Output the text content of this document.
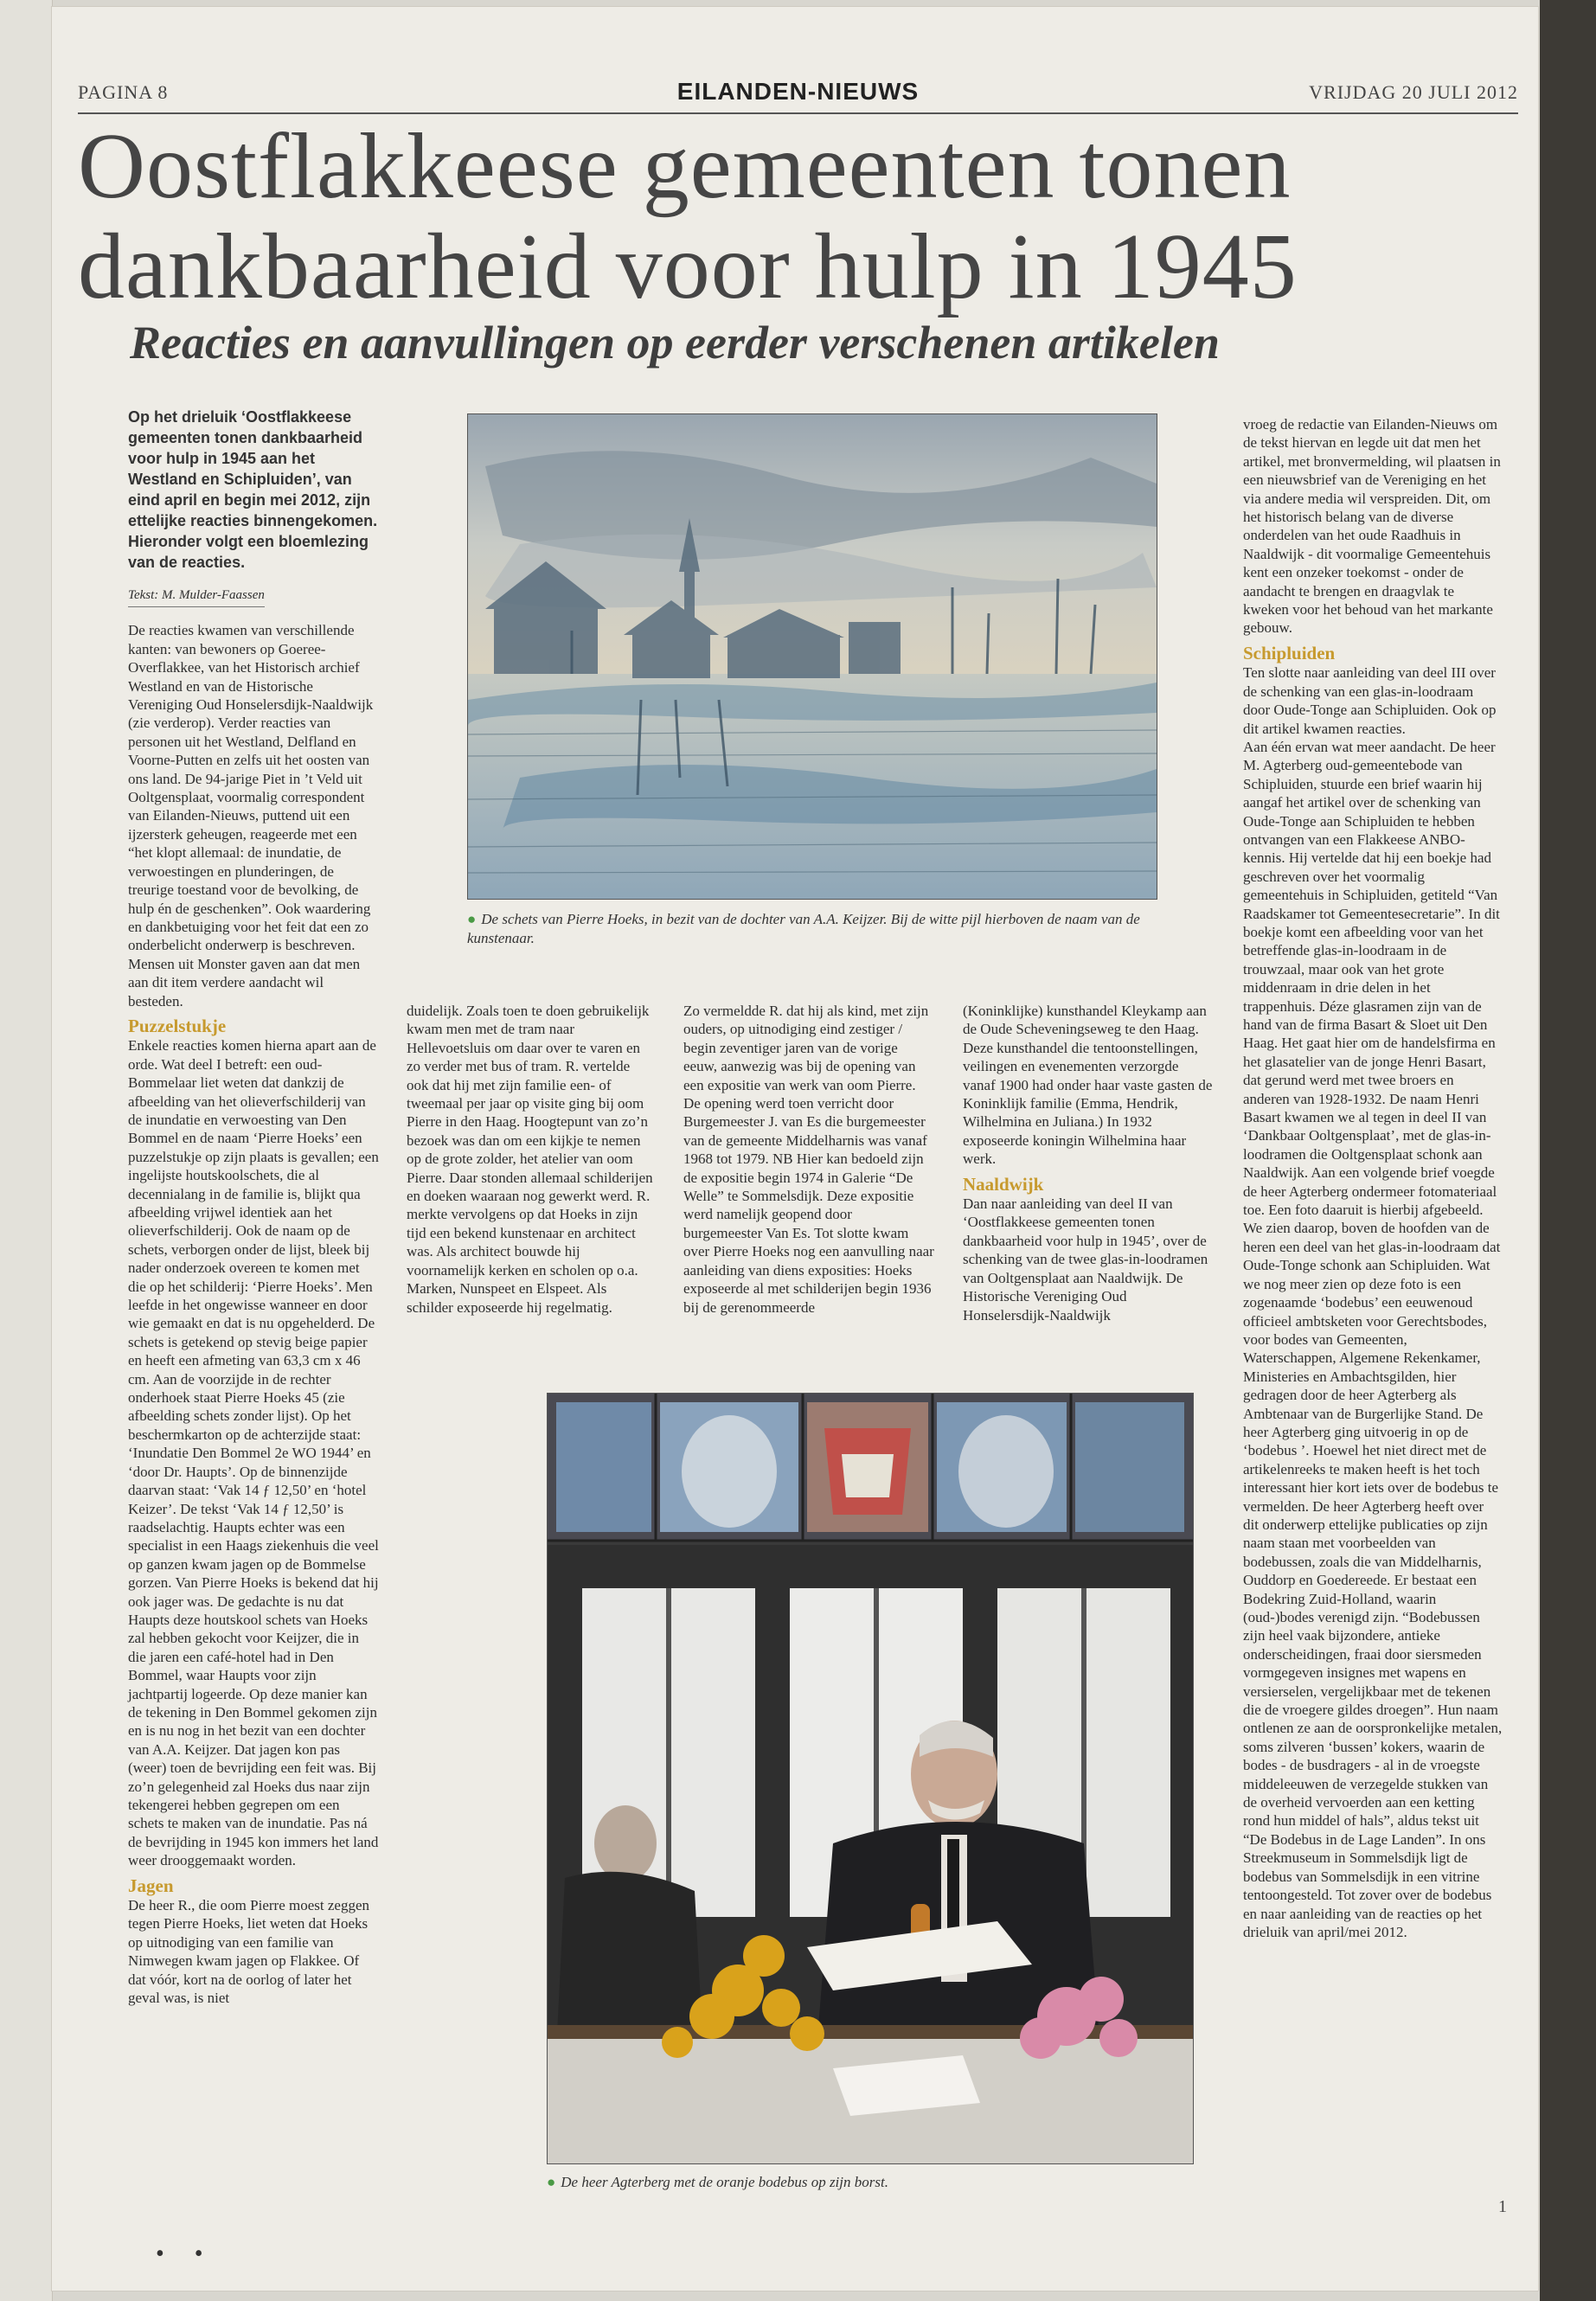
PAGINA 8	EILANDEN-NIEUWS	VRIJDAG 20 JULI 2012
Oostflakkeese gemeenten tonen
dankbaarheid voor hulp in 1945
Reacties en aanvullingen op eerder verschenen artikelen

Op het drieluik ‘Oostflakkeese gemeenten tonen dankbaarheid voor hulp in 1945 aan het Westland en Schipluiden’, van eind april en begin mei 2012, zijn ettelijke reacties binnengekomen. Hieronder volgt een bloemlezing van de reacties.

Tekst: M. Mulder-Faassen

De reacties kwamen van verschillende kanten: van bewoners op Goeree-Overflakkee, van het Historisch archief Westland en van de Historische Vereniging Oud Honselersdijk-Naaldwijk (zie verderop). Verder reacties van personen uit het Westland, Delfland en Voorne-Putten en zelfs uit het oosten van ons land. De 94-jarige Piet in ’t Veld uit Ooltgensplaat, voormalig correspondent van Eilanden-Nieuws, puttend uit een ijzersterk geheugen, reageerde met een “het klopt allemaal: de inundatie, de verwoestingen en plunderingen, de treurige toestand voor de bevolking, de hulp én de geschenken”. Ook waardering en dankbetuiging voor het feit dat een zo onderbelicht onderwerp is beschreven. Mensen uit Monster gaven aan dat men aan dit item verdere aandacht wil besteden.

Puzzelstukje

Enkele reacties komen hierna apart aan de orde. Wat deel I betreft: een oud-Bommelaar liet weten dat dankzij de afbeelding van het olieverfschilderij van de inundatie en verwoesting van Den Bommel en de naam ‘Pierre Hoeks’ een puzzelstukje op zijn plaats is gevallen; een ingelijste houtskoolschets, die al decennialang in de familie is, blijkt qua afbeelding vrijwel identiek aan het olieverfschilderij. Ook de naam op de schets, verborgen onder de lijst, bleek bij nader onderzoek overeen te komen met die op het schilderij: ‘Pierre Hoeks’. Men leefde in het ongewisse wanneer en door wie gemaakt en dat is nu opgehelderd. De schets is getekend op stevig beige papier en heeft een afmeting van 63,3 cm x 46 cm. Aan de voorzijde in de rechter onderhoek staat Pierre Hoeks 45 (zie afbeelding schets zonder lijst). Op het beschermkarton op de achterzijde staat: ‘Inundatie Den Bommel 2e WO 1944’ en ‘door Dr. Haupts’. Op de binnenzijde daarvan staat: ‘Vak 14 ƒ 12,50’ en ‘hotel Keizer’. De tekst ‘Vak 14 ƒ 12,50’ is raadselachtig. Haupts echter was een specialist in een Haags ziekenhuis die veel op ganzen kwam jagen op de Bommelse gorzen. Van Pierre Hoeks is bekend dat hij ook jager was. De gedachte is nu dat Haupts deze houtskool schets van Hoeks zal hebben gekocht voor Keijzer, die in die jaren een café-hotel had in Den Bommel, waar Haupts voor zijn jachtpartij logeerde. Op deze manier kan de tekening in Den Bommel gekomen zijn en is nu nog in het bezit van een dochter van A.A. Keijzer. Dat jagen kon pas (weer) toen de bevrijding een feit was. Bij zo’n gelegenheid zal Hoeks dus naar zijn tekengerei hebben gegrepen om een schets te maken van de inundatie. Pas ná de bevrijding in 1945 kon immers het land weer drooggemaakt worden.

Jagen

De heer R., die oom Pierre moest zeggen tegen Pierre Hoeks, liet weten dat Hoeks op uitnodiging van een familie van Nimwegen kwam jagen op Flakkee. Of dat vóór, kort na de oorlog of later het geval was, is niet

● De schets van Pierre Hoeks, in bezit van de dochter van A.A. Keijzer. Bij de witte pijl hierboven de naam van de kunstenaar.

duidelijk. Zoals toen te doen gebruikelijk kwam men met de tram naar Hellevoetsluis om daar over te varen en zo verder met bus of tram. R. vertelde ook dat hij met zijn familie een- of tweemaal per jaar op visite ging bij oom Pierre in den Haag. Hoogtepunt van zo’n bezoek was dan om een kijkje te nemen op de grote zolder, het atelier van oom Pierre. Daar stonden allemaal schilderijen en doeken waaraan nog gewerkt werd. R. merkte vervolgens op dat Hoeks in zijn tijd een bekend kunstenaar en architect was. Als architect bouwde hij voornamelijk kerken en scholen op o.a. Marken, Nunspeet en Elspeet. Als schilder exposeerde hij regelmatig.

Zo vermeldde R. dat hij als kind, met zijn ouders, op uitnodiging eind zestiger / begin zeventiger jaren van de vorige eeuw, aanwezig was bij de opening van een expositie van werk van oom Pierre. De opening werd toen verricht door Burgemeester J. van Es die burgemeester van de gemeente Middelharnis was vanaf 1968 tot 1979. NB Hier kan bedoeld zijn de expositie begin 1974 in Galerie “De Welle” te Sommelsdijk. Deze expositie werd namelijk geopend door burgemeester Van Es. Tot slotte kwam over Pierre Hoeks nog een aanvulling naar aanleiding van diens exposities: Hoeks exposeerde al met schilderijen begin 1936 bij de gerenommeerde

(Koninklijke) kunsthandel Kleykamp aan de Oude Scheveningseweg te den Haag. Deze kunsthandel die tentoonstellingen, veilingen en evenementen verzorgde vanaf 1900 had onder haar vaste gasten de Koninklijk familie (Emma, Hendrik, Wilhelmina en Juliana.) In 1932 exposeerde koningin Wilhelmina haar werk.

Naaldwijk

Dan naar aanleiding van deel II van ‘Oostflakkeese gemeenten tonen dankbaarheid voor hulp in 1945’, over de schenking van de twee glas-in-loodramen van Ooltgensplaat aan Naaldwijk. De Historische Vereniging Oud Honselersdijk-Naaldwijk

vroeg de redactie van Eilanden-Nieuws om de tekst hiervan en legde uit dat men het artikel, met bronvermelding, wil plaatsen in een nieuwsbrief van de Vereniging en het via andere media wil verspreiden. Dit, om het historisch belang van de diverse onderdelen van het oude Raadhuis in Naaldwijk - dit voormalige Gemeentehuis kent een onzeker toekomst - onder de aandacht te brengen en draagvlak te kweken voor het behoud van het markante gebouw.

Schipluiden

Ten slotte naar aanleiding van deel III over de schenking van een glas-in-loodraam door Oude-Tonge aan Schipluiden. Ook op dit artikel kwamen reacties.

Aan één ervan wat meer aandacht. De heer M. Agterberg oud-gemeentebode van Schipluiden, stuurde een brief waarin hij aangaf het artikel over de schenking van Oude-Tonge aan Schipluiden te hebben ontvangen van een Flakkeese ANBO-kennis. Hij vertelde dat hij een boekje had geschreven over het voormalig gemeentehuis in Schipluiden, getiteld “Van Raadskamer tot Gemeentesecretarie”. In dit boekje komt een afbeelding voor van het betreffende glas-in-loodraam in de trouwzaal, maar ook van het grote middenraam in drie delen in het trappenhuis. Déze glasramen zijn van de hand van de firma Basart & Sloet uit Den Haag. Het gaat hier om de handelsfirma en het glasatelier van de jonge Henri Basart, dat gerund werd met twee broers en anderen van 1928-1932. De naam Henri Basart kwamen we al tegen in deel II van ‘Dankbaar Ooltgensplaat’, met de glas-in-loodramen die Ooltgensplaat schonk aan Naaldwijk. Aan een volgende brief voegde de heer Agterberg ondermeer fotomateriaal toe. Een foto daaruit is hierbij afgebeeld. We zien daarop, boven de hoofden van de heren een deel van het glas-in-loodraam dat Oude-Tonge schonk aan Schipluiden. Wat we nog meer zien op deze foto is een zogenaamde ‘bodebus’ een eeuwenoud officieel ambtsketen voor Gerechtsbodes, voor bodes van Gemeenten, Waterschappen, Algemene Rekenkamer, Ministeries en Ambachtsgilden, hier gedragen door de heer Agterberg als Ambtenaar van de Burgerlijke Stand. De heer Agterberg ging uitvoerig in op de ‘bodebus ’. Hoewel het niet direct met de artikelenreeks te maken heeft is het toch interessant hier kort iets over de bodebus te vermelden. De heer Agterberg heeft over dit onderwerp ettelijke publicaties op zijn naam staan met voorbeelden van bodebussen, zoals die van Middelharnis, Ouddorp en Goedereede. Er bestaat een Bodekring Zuid-Holland, waarin (oud-)bodes verenigd zijn. “Bodebussen zijn heel vaak bijzondere, antieke onderscheidingen, fraai door siersmeden vormgegeven insignes met wapens en versierselen, vergelijkbaar met de tekenen die de vroegere gildes droegen”. Hun naam ontlenen ze aan de oorspronkelijke metalen, soms zilveren ‘bussen’ kokers, waarin de bodes - de busdragers - al in de vroegste middeleeuwen de verzegelde stukken van de overheid vervoerden aan een ketting rond hun middel of hals”, aldus tekst uit “De Bodebus in de Lage Landen”. In ons Streekmuseum in Sommelsdijk ligt de bodebus van Sommelsdijk in een vitrine tentoongesteld. Tot zover over de bodebus en naar aanleiding van de reacties op het drieluik van april/mei 2012.

● De heer Agterberg met de oranje bodebus op zijn borst.
• •
1
